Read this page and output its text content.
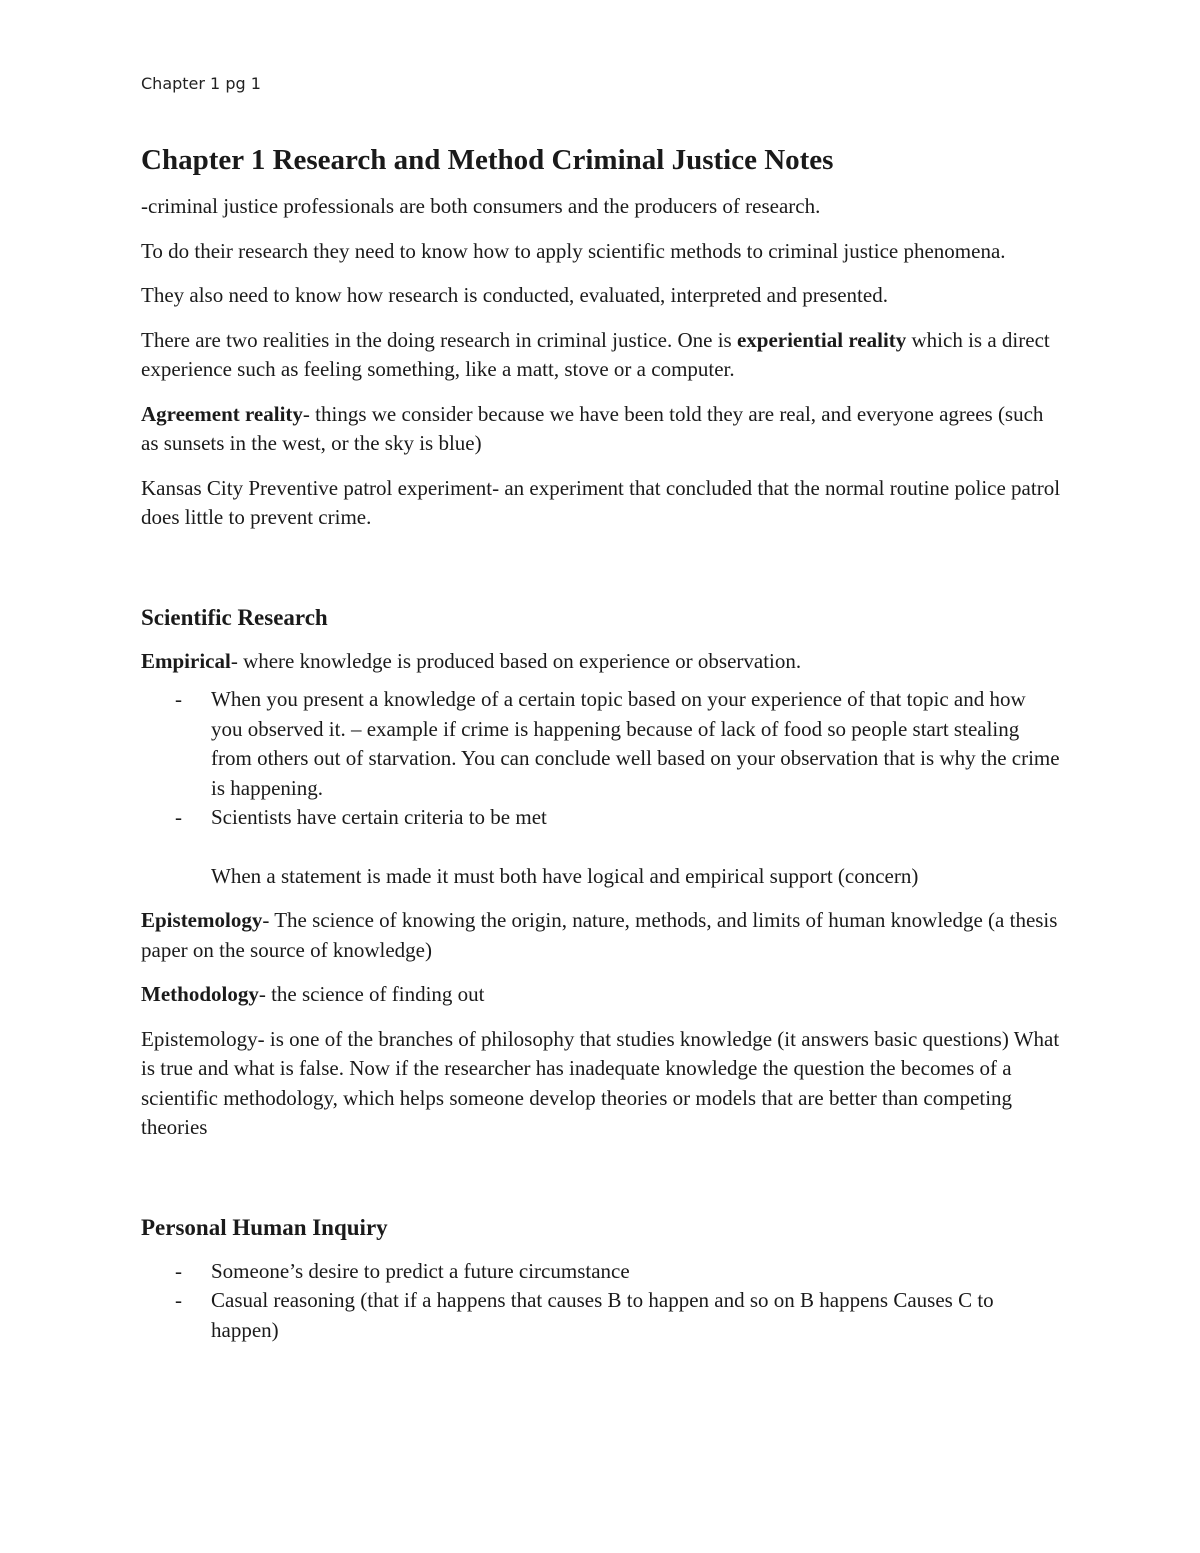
Chapter 1 pg 1
Chapter 1 Research and Method Criminal Justice Notes

-criminal justice professionals are both consumers and the producers of research.

To do their research they need to know how to apply scientific methods to criminal justice phenomena.

They also need to know how research is conducted, evaluated, interpreted and presented.

There are two realities in the doing research in criminal justice. One is experiential reality which is a direct experience such as feeling something, like a matt, stove or a computer.

Agreement reality- things we consider because we have been told they are real, and everyone agrees (such as sunsets in the west, or the sky is blue)

Kansas City Preventive patrol experiment- an experiment that concluded that the normal routine police patrol does little to prevent crime.

Scientific Research

Empirical- where knowledge is produced based on experience or observation.

- When you present a knowledge of a certain topic based on your experience of that topic and how you observed it. – example if crime is happening because of lack of food so people start stealing from others out of starvation. You can conclude well based on your observation that is why the crime is happening.
- Scientists have certain criteria to be met

When a statement is made it must both have logical and empirical support (concern)

Epistemology- The science of knowing the origin, nature, methods, and limits of human knowledge (a thesis paper on the source of knowledge)

Methodology- the science of finding out

Epistemology- is one of the branches of philosophy that studies knowledge (it answers basic questions) What is true and what is false. Now if the researcher has inadequate knowledge the question the becomes of a scientific methodology, which helps someone develop theories or models that are better than competing theories

Personal Human Inquiry
- Someone’s desire to predict a future circumstance
- Casual reasoning (that if a happens that causes B to happen and so on B happens Causes C to happen)
